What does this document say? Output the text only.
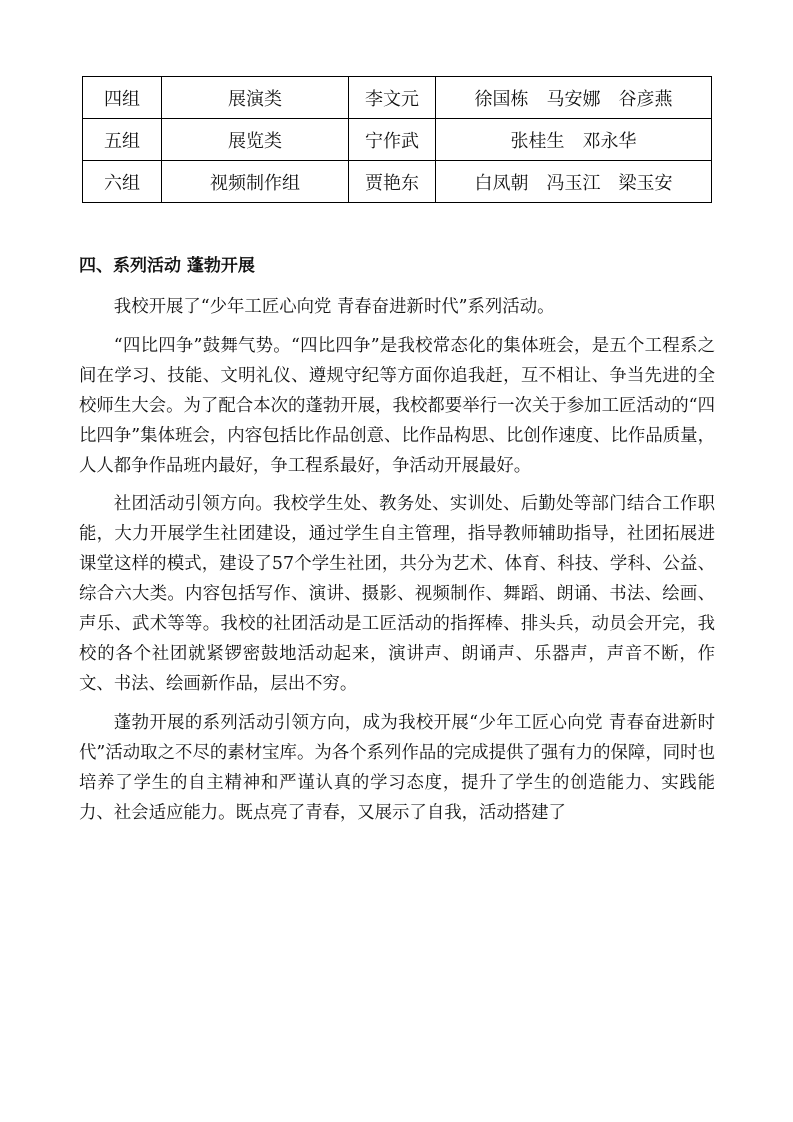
四组	展演类	李文元	徐国栋　马安娜　谷彦燕
五组	展览类	宁作武	张桂生　邓永华
六组	视频制作组	贾艳东	白凤朝　冯玉江　梁玉安
四、系列活动 蓬勃开展

我校开展了“少年工匠心向党 青春奋进新时代”系列活动。

“四比四争”鼓舞气势。“四比四争”是我校常态化的集体班会，是五个工程系之间在学习、技能、文明礼仪、遵规守纪等方面你追我赶，互不相让、争当先进的全校师生大会。为了配合本次的蓬勃开展，我校都要举行一次关于参加工匠活动的“四比四争”集体班会，内容包括比作品创意、比作品构思、比创作速度、比作品质量，人人都争作品班内最好，争工程系最好，争活动开展最好。

社团活动引领方向。我校学生处、教务处、实训处、后勤处等部门结合工作职能，大力开展学生社团建设，通过学生自主管理，指导教师辅助指导，社团拓展进课堂这样的模式，建设了57个学生社团，共分为艺术、体育、科技、学科、公益、综合六大类。内容包括写作、演讲、摄影、视频制作、舞蹈、朗诵、书法、绘画、声乐、武术等等。我校的社团活动是工匠活动的指挥棒、排头兵，动员会开完，我校的各个社团就紧锣密鼓地活动起来，演讲声、朗诵声、乐器声，声音不断，作文、书法、绘画新作品，层出不穷。

蓬勃开展的系列活动引领方向，成为我校开展“少年工匠心向党 青春奋进新时代”活动取之不尽的素材宝库。为各个系列作品的完成提供了强有力的保障，同时也培养了学生的自主精神和严谨认真的学习态度，提升了学生的创造能力、实践能力、社会适应能力。既点亮了青春，又展示了自我，活动搭建了
